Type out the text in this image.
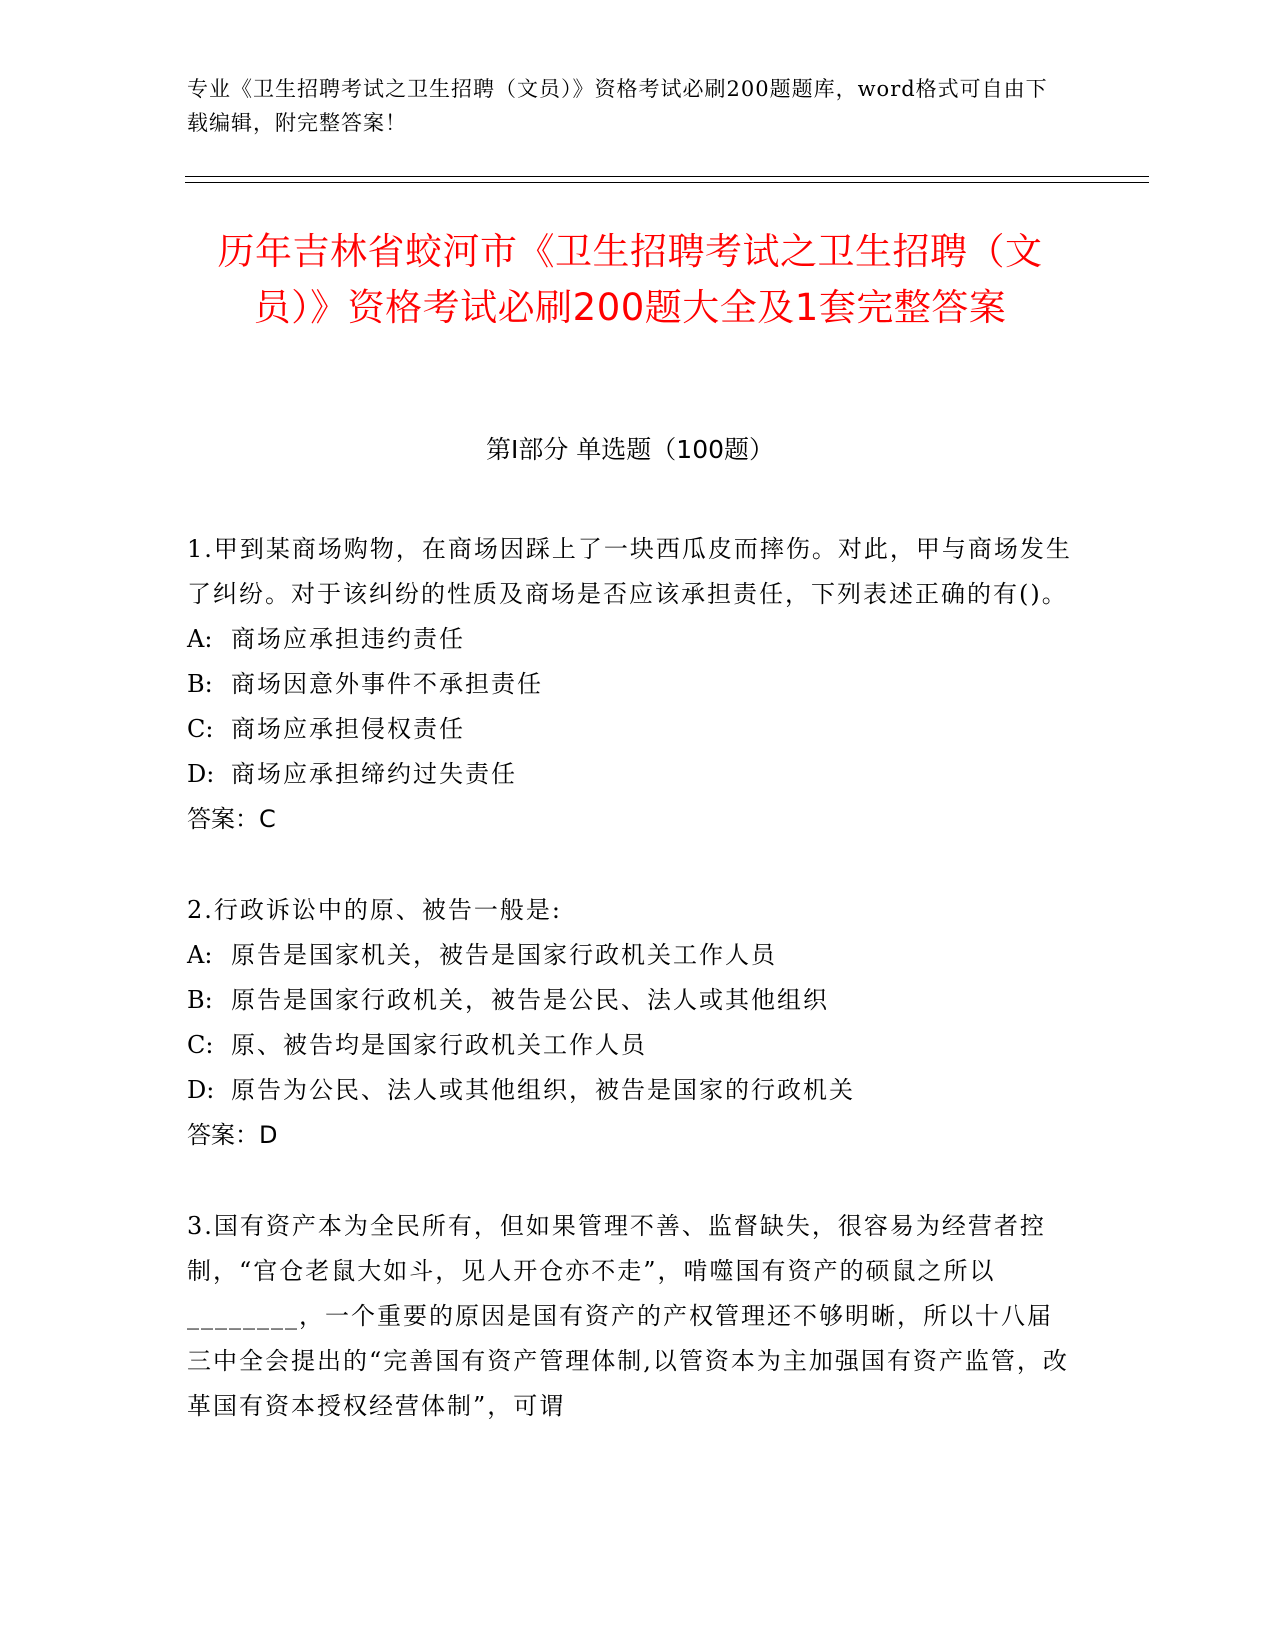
专业《卫生招聘考试之卫生招聘（文员）》资格考试必刷200题题库，word格式可自由下载编辑，附完整答案！
历年吉林省蛟河市《卫生招聘考试之卫生招聘（文员）》资格考试必刷200题大全及1套完整答案
第I部分 单选题（100题）

1.甲到某商场购物，在商场因踩上了一块西瓜皮而摔伤。对此，甲与商场发生了纠纷。对于该纠纷的性质及商场是否应该承担责任，下列表述正确的有()。

A: 商场应承担违约责任

B: 商场因意外事件不承担责任

C: 商场应承担侵权责任

D: 商场应承担缔约过失责任

答案：C

2.行政诉讼中的原、被告一般是:

A: 原告是国家机关，被告是国家行政机关工作人员

B: 原告是国家行政机关，被告是公民、法人或其他组织

C: 原、被告均是国家行政机关工作人员

D: 原告为公民、法人或其他组织，被告是国家的行政机关

答案：D

3.国有资产本为全民所有，但如果管理不善、监督缺失，很容易为经营者控制，“官仓老鼠大如斗，见人开仓亦不走”，啃噬国有资产的硕鼠之所以________，一个重要的原因是国有资产的产权管理还不够明晰，所以十八届三中全会提出的“完善国有资产管理体制,以管资本为主加强国有资产监管，改革国有资本授权经营体制”，可谓
